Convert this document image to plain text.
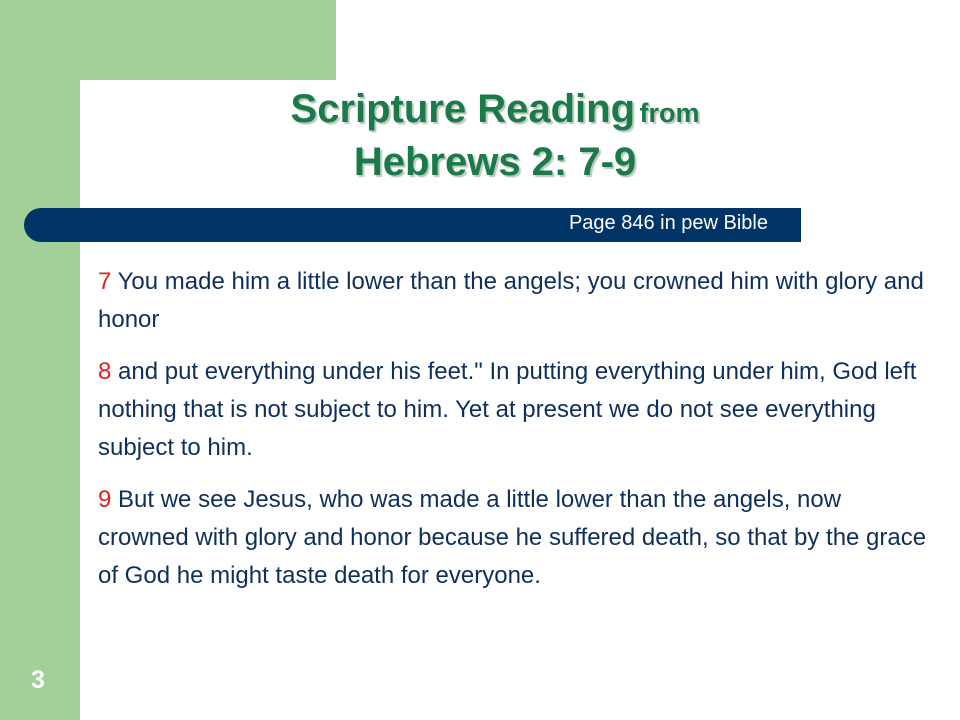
Scripture Reading from
Hebrews 2: 7-9
Page 846 in pew Bible

7 You made him a little lower than the angels; you crowned him with glory and honor

8 and put everything under his feet." In putting everything under him, God left nothing that is not subject to him. Yet at present we do not see everything subject to him.

9 But we see Jesus, who was made a little lower than the angels, now crowned with glory and honor because he suffered death, so that by the grace of God he might taste death for everyone.

3
